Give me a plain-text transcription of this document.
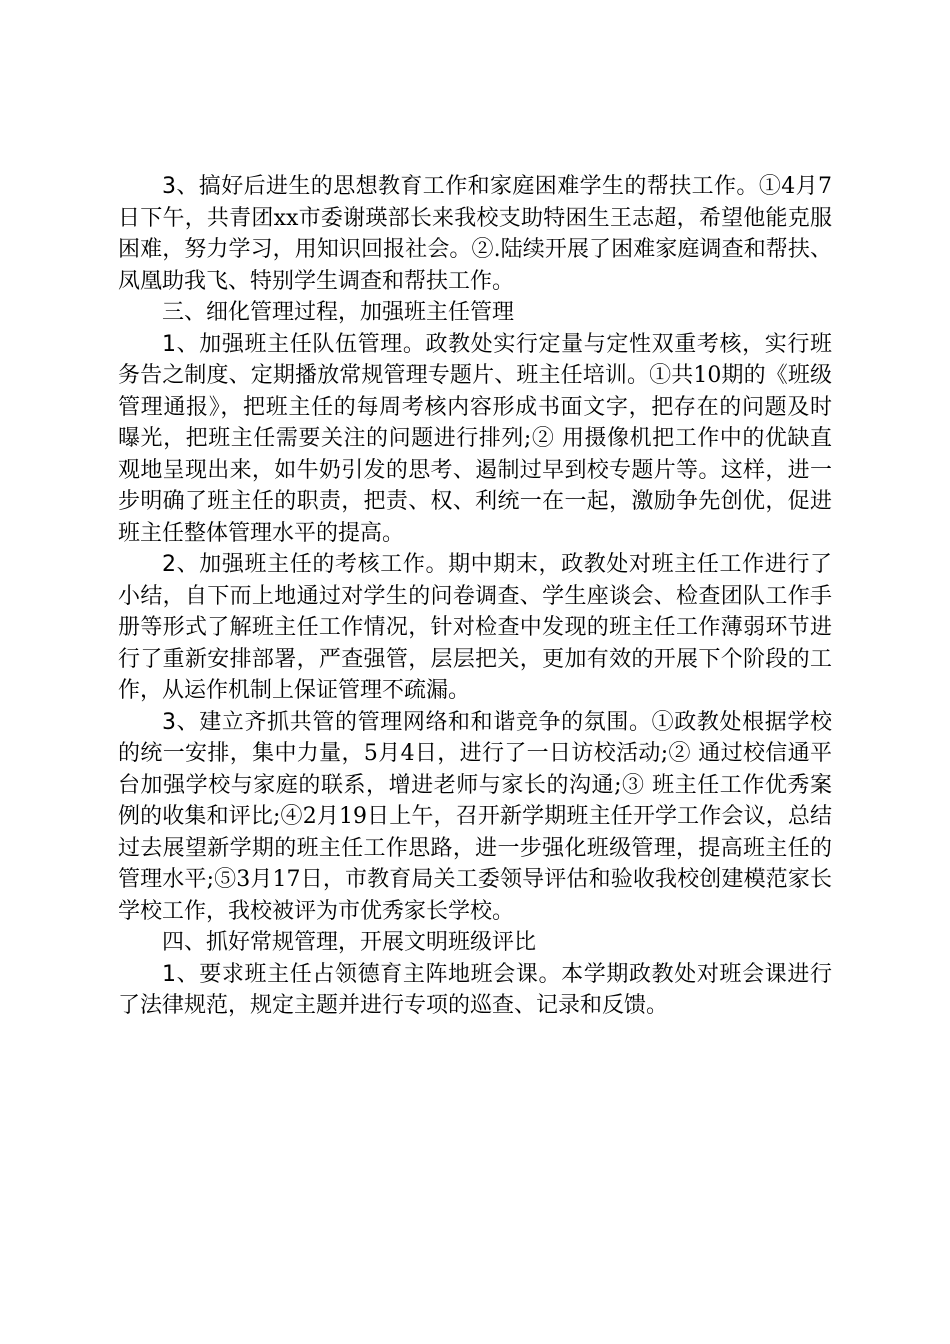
3、搞好后进生的思想教育工作和家庭困难学生的帮扶工作。①4月7日下午，共青团xx市委谢瑛部长来我校支助特困生王志超，希望他能克服困难，努力学习，用知识回报社会。②.陆续开展了困难家庭调查和帮扶、凤凰助我飞、特别学生调查和帮扶工作。

三、细化管理过程，加强班主任管理

1、加强班主任队伍管理。政教处实行定量与定性双重考核，实行班务告之制度、定期播放常规管理专题片、班主任培训。①共10期的《班级管理通报》，把班主任的每周考核内容形成书面文字，把存在的问题及时曝光，把班主任需要关注的问题进行排列;② 用摄像机把工作中的优缺直观地呈现出来，如牛奶引发的思考、遏制过早到校专题片等。这样，进一步明确了班主任的职责，把责、权、利统一在一起，激励争先创优，促进班主任整体管理水平的提高。

2、加强班主任的考核工作。期中期末，政教处对班主任工作进行了小结，自下而上地通过对学生的问卷调查、学生座谈会、检查团队工作手册等形式了解班主任工作情况，针对检查中发现的班主任工作薄弱环节进行了重新安排部署，严查强管，层层把关，更加有效的开展下个阶段的工作，从运作机制上保证管理不疏漏。

3、建立齐抓共管的管理网络和和谐竞争的氛围。①政教处根据学校的统一安排，集中力量，5月4日，进行了一日访校活动;② 通过校信通平台加强学校与家庭的联系，增进老师与家长的沟通;③ 班主任工作优秀案例的收集和评比;④2月19日上午，召开新学期班主任开学工作会议，总结过去展望新学期的班主任工作思路，进一步强化班级管理，提高班主任的管理水平;⑤3月17日，市教育局关工委领导评估和验收我校创建模范家长学校工作，我校被评为市优秀家长学校。

四、抓好常规管理，开展文明班级评比

1、要求班主任占领德育主阵地班会课。本学期政教处对班会课进行了法律规范，规定主题并进行专项的巡查、记录和反馈。
